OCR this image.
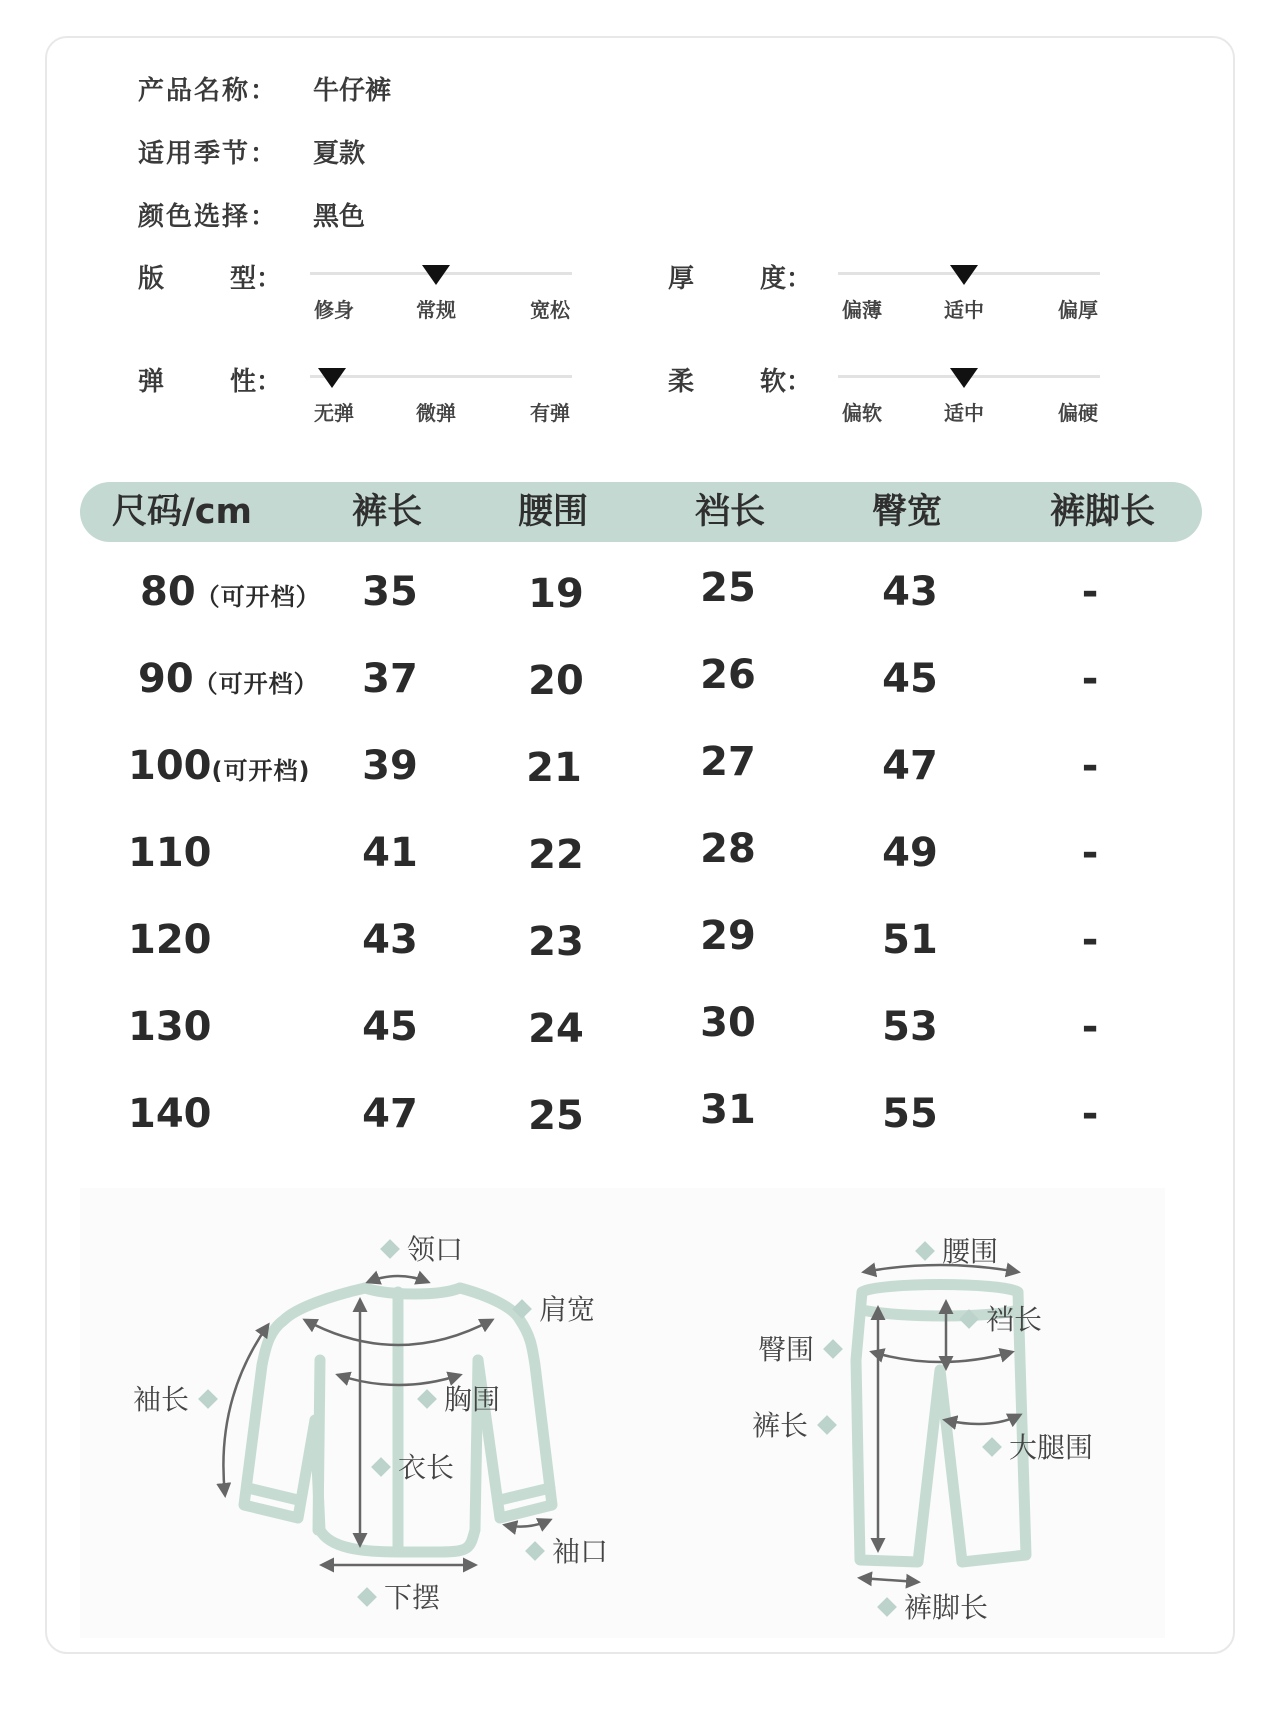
产品名称： 牛仔裤
适用季节： 夏款
颜色选择： 黑色
版	型：
修身	常规	宽松
厚	度：
偏薄	适中	偏厚
弹	性：
无弹	微弹	有弹
柔	软：
偏软	适中	偏硬
尺码/cm	裤长	腰围	裆长	臀宽	裤脚长
80（可开档）	35	19	25	43	-
90（可开档）	37	20	26	45	-
100(可开档)	39	21	27	47	-
110	41	22	28	49	-
120	43	23	29	51	-
130	45	24	30	53	-
140	47	25	31	55	-
领口
肩宽
袖长	胸围
衣长
袖口
下摆
腰围
裆长
臀围
裤长
大腿围
裤脚长
